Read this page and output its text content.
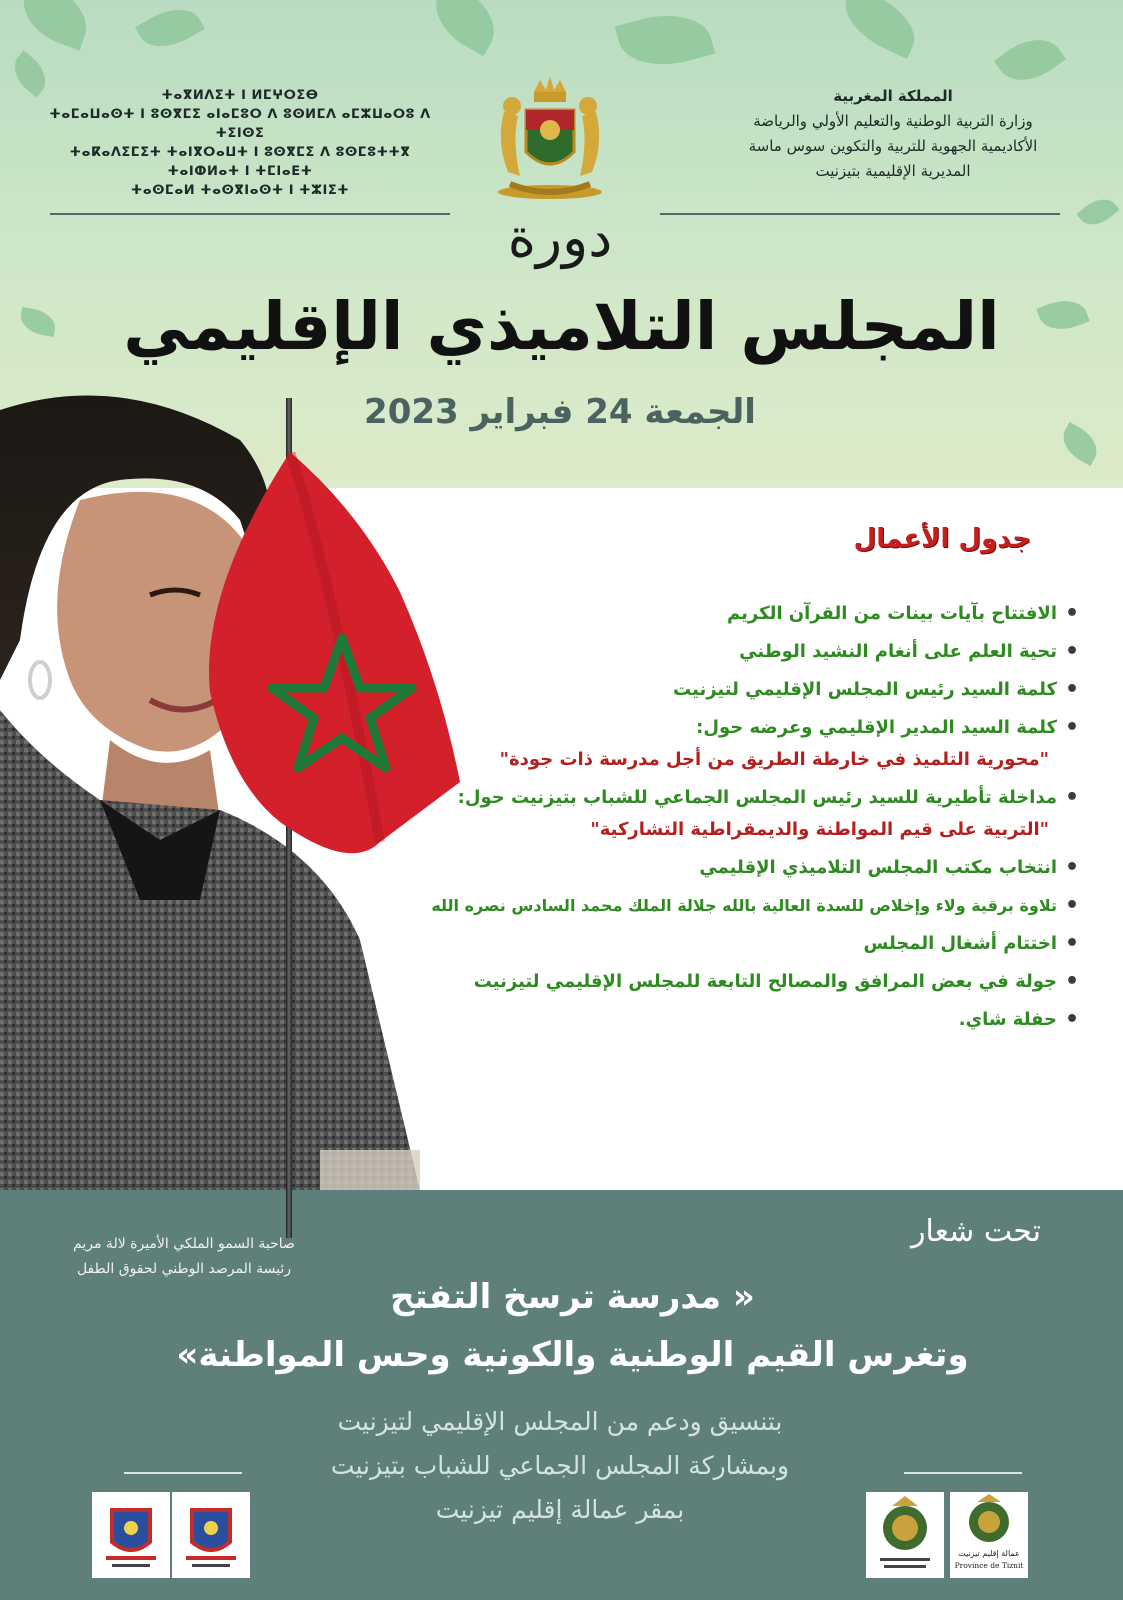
ⵜⴰⴳⵍⴷⵉⵜ ⵏ ⵍⵎⵖⵔⵉⴱ
ⵜⴰⵎⴰⵡⴰⵙⵜ ⵏ ⵓⵙⴳⵎⵉ ⴰⵏⴰⵎⵓⵔ ⴷ ⵓⵙⵍⵎⴷ ⴰⵎⵣⵡⴰⵔⵓ ⴷ ⵜⵉⵏⵙⵉ
ⵜⴰⴽⴰⴷⵉⵎⵉⵜ ⵜⴰⵏⴳⵔⴰⵡⵜ ⵏ ⵓⵙⴳⵎⵉ ⴷ ⵓⵙⵎⵓⵜⵜⴳ
ⵜⴰⵏⵀⵍⴰⵜ ⵏ ⵜⵎⵏⴰⴹⵜ
ⵜⴰⵙⵎⴰⵍ ⵜⴰⵙⴳⵏⴰⵙⵜ ⵏ ⵜⵣⵏⵉⵜ
المملكة المغربية
وزارة التربية الوطنية والتعليم الأولي والرياضة
الأكاديمية الجهوية للتربية والتكوين سوس ماسة
المديرية الإقليمية بتيزنيت
دورة
المجلس التلاميذي الإقليمي
الجمعة 24 فبراير 2023
جدول الأعمال
• الافتتاح بآيات بينات من القرآن الكريم
• تحية العلم على أنغام النشيد الوطني
• كلمة السيد رئيس المجلس الإقليمي لتيزنيت
• كلمة السيد المدير الإقليمي وعرضه حول:
"محورية التلميذ في خارطة الطريق من أجل مدرسة ذات جودة"
• مداخلة تأطيرية للسيد رئيس المجلس الجماعي للشباب بتيزنيت حول:
"التربية على قيم المواطنة والديمقراطية التشاركية"
• انتخاب مكتب المجلس التلاميذي الإقليمي
• تلاوة برقية ولاء وإخلاص للسدة العالية بالله جلالة الملك محمد السادس نصره الله
• اختتام أشغال المجلس
• جولة في بعض المرافق والمصالح التابعة للمجلس الإقليمي لتيزنيت
• حفلة شاي.
صاحبة السمو الملكي الأميرة لالة مريم
رئيسة المرصد الوطني لحقوق الطفل
تحت شعار
« مدرسة ترسخ التفتح
وتغرس القيم الوطنية والكونية وحس المواطنة»
بتنسيق ودعم من المجلس الإقليمي لتيزنيت
وبمشاركة المجلس الجماعي للشباب بتيزنيت
بمقر عمالة إقليم تيزنيت
عمالة إقليم تيزنيت
Province de Tiznit
